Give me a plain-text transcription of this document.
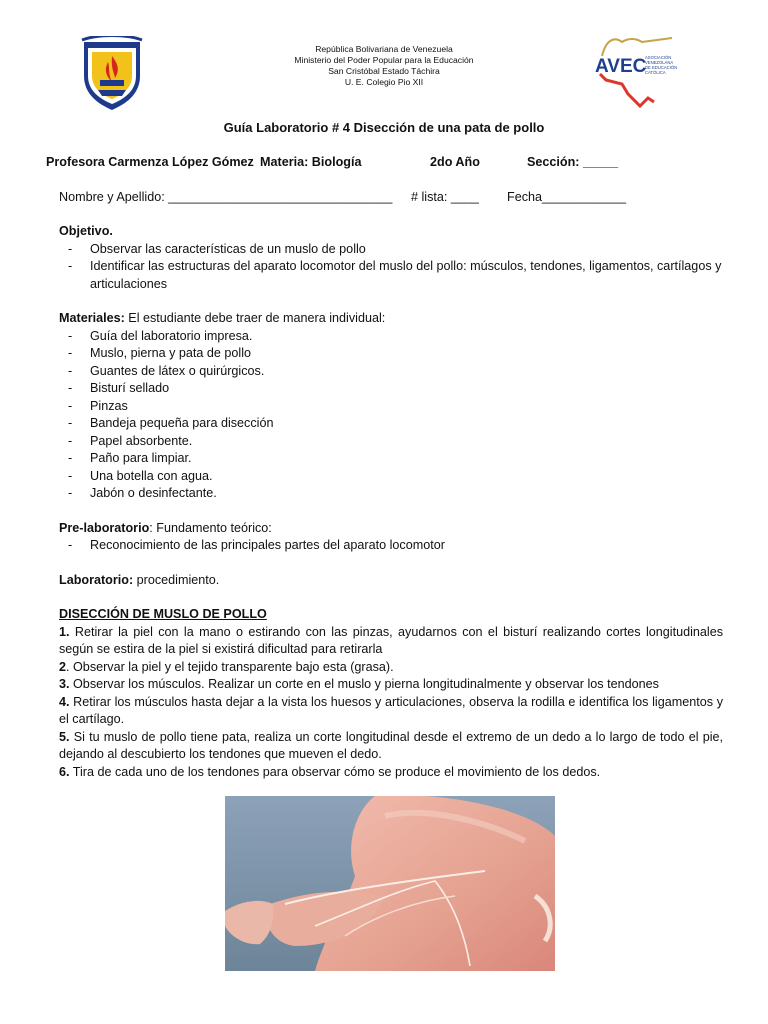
República Bolivariana de Venezuela
Ministerio del Poder Popular para la Educación
San Cristóbal Estado Táchira
U. E. Colegio Pio XII
AVEC
ASOCIACIÓN
VENEZOLANA
DE EDUCACIÓN
CATÓLICA
Guía Laboratorio # 4 Disección de una pata de pollo
Profesora Carmenza López Gómez Materia: Biología	2do Año	Sección: _____
Nombre y Apellido: ________________________________ # lista: ____ Fecha____________
Objetivo.
- Observar las características de un muslo de pollo
- Identificar las estructuras del aparato locomotor del muslo del pollo: músculos, tendones, ligamentos, cartílagos y articulaciones
Materiales: El estudiante debe traer de manera individual:
- Guía del laboratorio impresa.
- Muslo, pierna y pata de pollo
- Guantes de látex o quirúrgicos.
- Bisturí sellado
- Pinzas
- Bandeja pequeña para disección
- Papel absorbente.
- Paño para limpiar.
- Una botella con agua.
- Jabón o desinfectante.
Pre-laboratorio: Fundamento teórico:
- Reconocimiento de las principales partes del aparato locomotor
Laboratorio: procedimiento.
DISECCIÓN DE MUSLO DE POLLO
1. Retirar la piel con la mano o estirando con las pinzas, ayudarnos con el bisturí realizando cortes longitudinales según se estira de la piel si existirá dificultad para retirarla
2. Observar la piel y el tejido transparente bajo esta (grasa).
3. Observar los músculos. Realizar un corte en el muslo y pierna longitudinalmente y observar los tendones
4. Retirar los músculos hasta dejar a la vista los huesos y articulaciones, observa la rodilla e identifica los ligamentos y el cartílago.
5. Si tu muslo de pollo tiene pata, realiza un corte longitudinal desde el extremo de un dedo a lo largo de todo el pie, dejando al descubierto los tendones que mueven el dedo.
6. Tira de cada uno de los tendones para observar cómo se produce el movimiento de los dedos.
